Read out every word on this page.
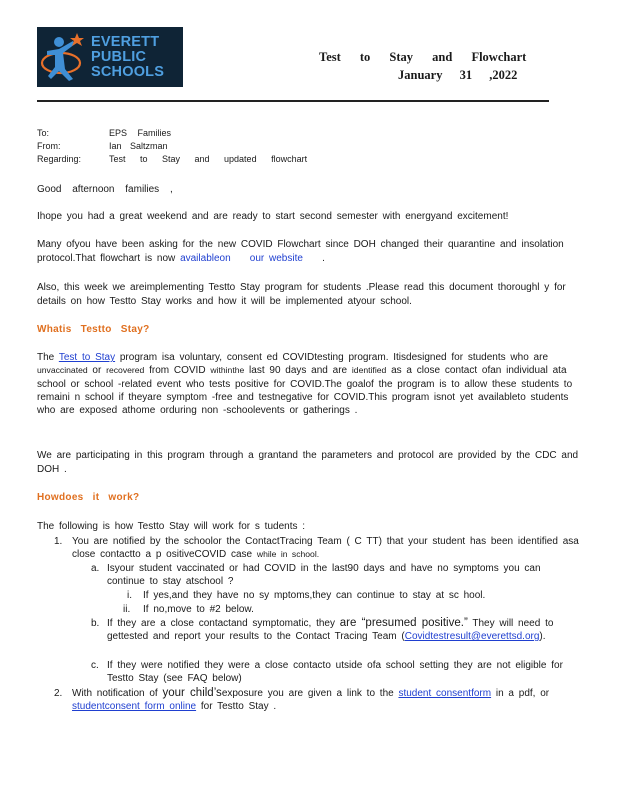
EVERETT
PUBLIC
SCHOOLS
Test to Stay and Flowchart
January 31 ,2022
To:	EPS Families
From:	Ian Saltzman
Regarding:	Test to Stay and updated flowchart
Good afternoon families ,
Ihope you had a great weekend and are ready to start second semester with energyand excitement!
Many ofyou have been asking for the new COVID Flowchart since DOH changed their quarantine and insolation protocol.That flowchart is now availableon our website .
Also, this week we areimplementing Testto Stay program for students .Please read this document thoroughl y for details on how Testto Stay works and how it will be implemented atyour school.
Whatis Testto Stay?
The Test to Stay program isa voluntary, consent ed COVIDtesting program. Itisdesigned for students who are unvaccinated or recovered from COVID withinthe last 90 days and are identified as a close contact ofan individual ata school or school -related event who tests positive for COVID.The goalof the program is to allow these students to remaini n school if theyare symptom -free and testnegative for COVID.This program isnot yet availableto students who are exposed athome orduring non -schoolevents or gatherings .
We are participating in this program through a grantand the parameters and protocol are provided by the CDC and DOH .
Howdoes it work?
The following is how Testto Stay will work for s tudents :
1. You are notified by the schoolor the ContactTracing Team ( C TT) that your student has been identified asa close contactto a p ositiveCOVID case while in school.
a. Isyour student vaccinated or had COVID in the last90 days and have no symptoms you can continue to stay atschool ?
i. If yes,and they have no sy mptoms,they can continue to stay at sc hool.
ii. If no,move to #2 below.
b. If they are a close contactand symptomatic, they are “presumed positive.” They will need to gettested and report your results to the Contact Tracing Team (Covidtestresult@everettsd.org).
c. If they were notified they were a close contacto utside ofa school setting they are not eligible for Testto Stay (see FAQ below)
2. With notification of your child’sexposure you are given a link to the student consentform in a pdf, or studentconsent form online for Testto Stay .
